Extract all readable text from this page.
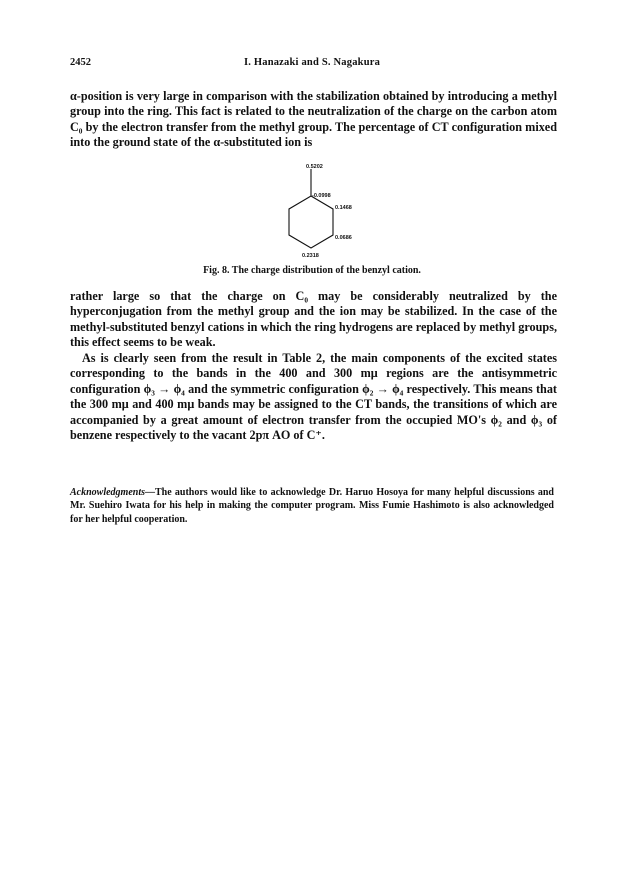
2452	I. Hanazaki and S. Nagakura

α-position is very large in comparison with the stabilization obtained by introducing a methyl group into the ring. This fact is related to the neutralization of the charge on the carbon atom C₀ by the electron transfer from the methyl group. The percentage of CT configuration mixed into the ground state of the α-substituted ion is

0.5202
-0.0998
0.1468
0.0686
0.2318
Fig. 8. The charge distribution of the benzyl cation.

rather large so that the charge on C₀ may be considerably neutralized by the hyperconjugation from the methyl group and the ion may be stabilized. In the case of the methyl-substituted benzyl cations in which the ring hydrogens are replaced by methyl groups, this effect seems to be weak.

As is clearly seen from the result in Table 2, the main components of the excited states corresponding to the bands in the 400 and 300 mμ regions are the antisymmetric configuration ϕ₃ → ϕ₄ and the symmetric configuration ϕ₂ → ϕ₄ respectively. This means that the 300 mμ and 400 mμ bands may be assigned to the CT bands, the transitions of which are accompanied by a great amount of electron transfer from the occupied MO's ϕ₂ and ϕ₃ of benzene respectively to the vacant 2pπ AO of C⁺.

Acknowledgments—The authors would like to acknowledge Dr. Haruo Hosoya for many helpful discussions and Mr. Suehiro Iwata for his help in making the computer program. Miss Fumie Hashimoto is also acknowledged for her helpful cooperation.
